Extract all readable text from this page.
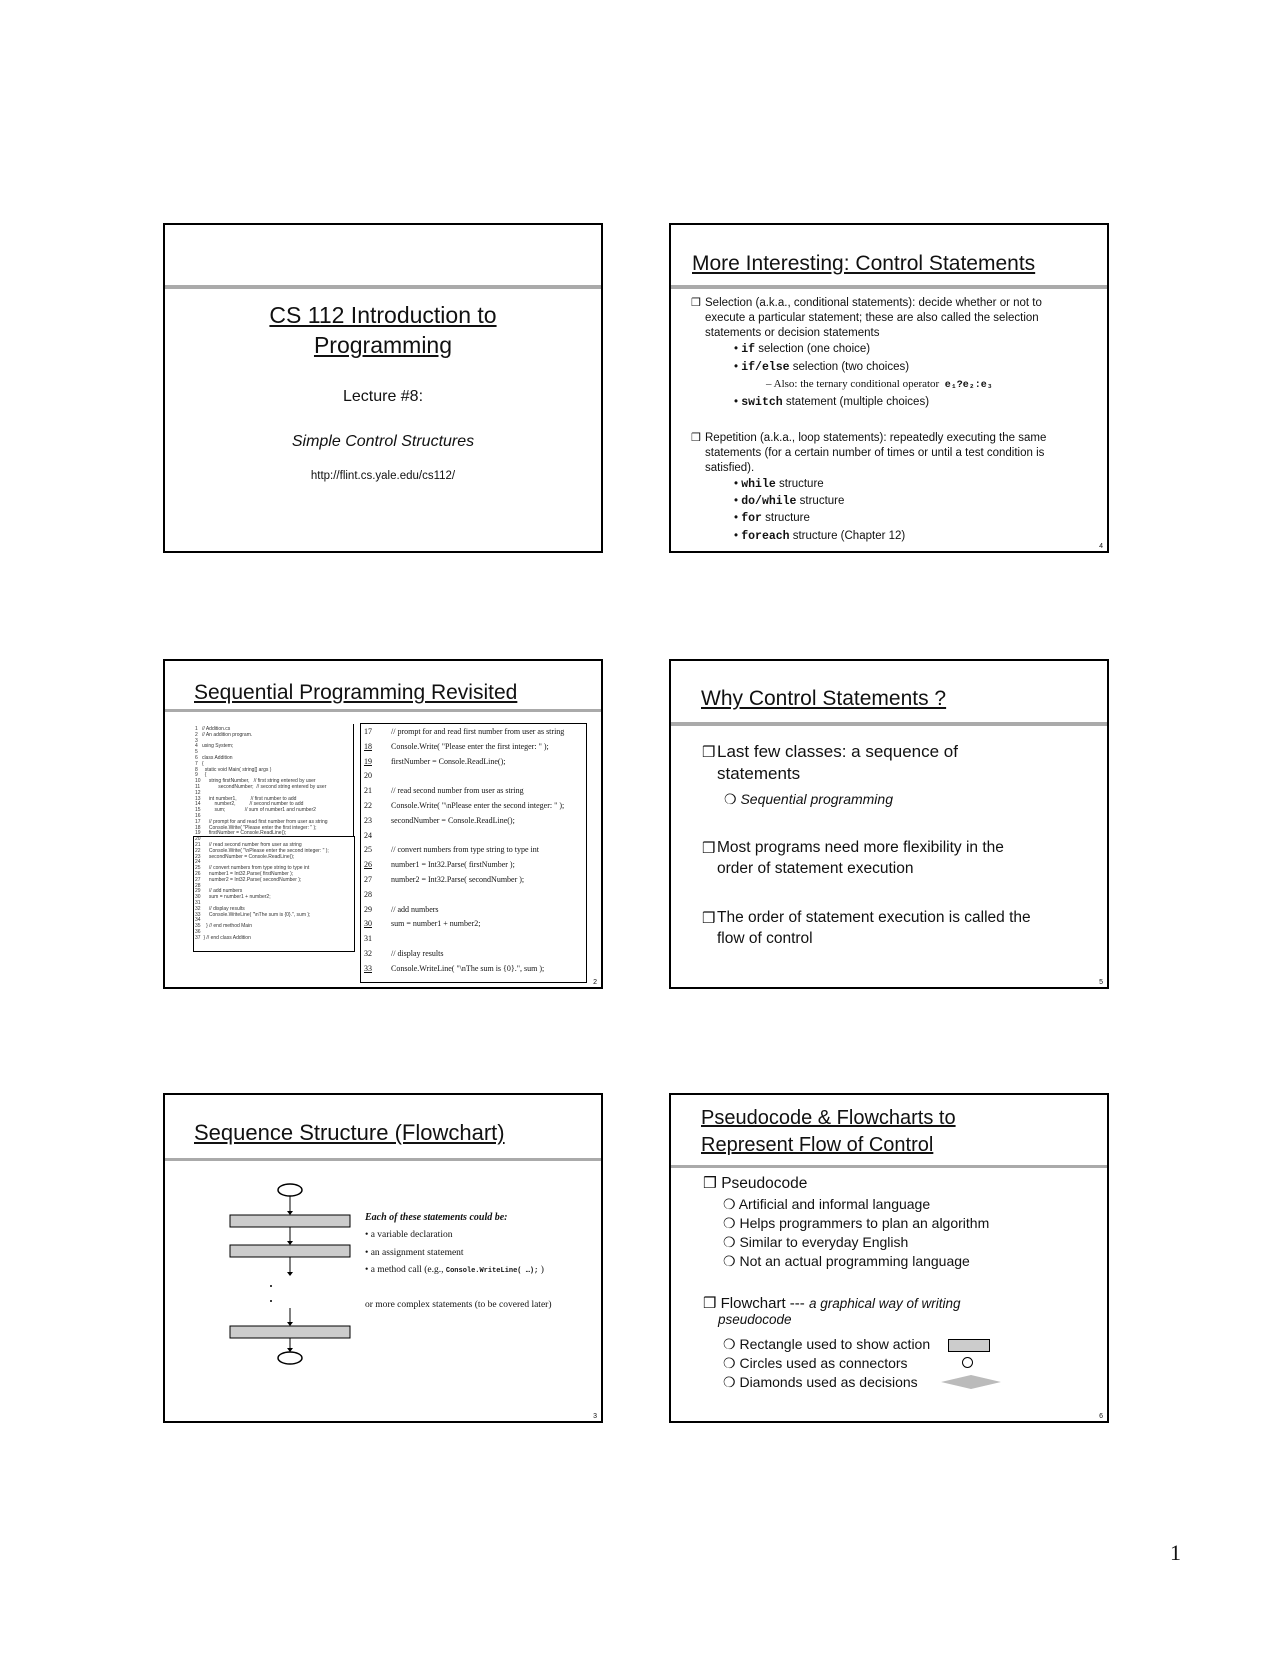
CS 112 Introduction to
Programming
Lecture #8:
Simple Control Structures
http://flint.cs.yale.edu/cs112/
More Interesting: Control Statements
❒ Selection (a.k.a., conditional statements): decide whether or not to execute a particular statement; these are also called the selection statements or decision statements
• if selection (one choice)
• if/else selection (two choices)
– Also: the ternary conditional operator e₁?e₂:e₃
• switch statement (multiple choices)
❒ Repetition (a.k.a., loop statements): repeatedly executing the same statements (for a certain number of times or until a test condition is satisfied).
• while structure
• do/while structure
• for structure
• foreach structure (Chapter 12)
4
Sequential Programming Revisited
1   // Addition.cs
2   // An addition program.
3
4   using System;
5
6   class Addition
7   {
8     static void Main( string[] args )
9     {
10      string firstNumber,   // first string entered by user
11             secondNumber;  // second string entered by user
12
13      int number1,          // first number to add
14          number2,          // second number to add
15          sum;              // sum of number1 and number2
16
17      // prompt for and read first number from user as string
18      Console.Write( "Please enter the first integer: " );
19      firstNumber = Console.ReadLine();
20
21      // read second number from user as string
22      Console.Write( "\nPlease enter the second integer: " );
23      secondNumber = Console.ReadLine();
24
25      // convert numbers from type string to type int
26      number1 = Int32.Parse( firstNumber );
27      number2 = Int32.Parse( secondNumber );
28
29      // add numbers
30      sum = number1 + number2;
31
32      // display results
33      Console.WriteLine( "\nThe sum is {0}.", sum );
34
35    } // end method Main
36
37  } // end class Addition
17	// prompt for and read first number from user as string
18	Console.Write( "Please enter the first integer: " );
19	firstNumber = Console.ReadLine();
20
21	// read second number from user as string
22	Console.Write( "\nPlease enter the second integer: " );
23	secondNumber = Console.ReadLine();
24
25	// convert numbers from type string to type int
26	number1 = Int32.Parse( firstNumber );
27	number2 = Int32.Parse( secondNumber );
28
29	// add numbers
30	sum = number1 + number2;
31
32	// display results
33	Console.WriteLine( "\nThe sum is {0}.", sum );
2
Why Control Statements ?
❒ Last few classes: a sequence of
statements
❍ Sequential programming
❒ Most programs need more flexibility in the
order of statement execution
❒ The order of statement execution is called the
flow of control
5
Sequence Structure (Flowchart)
Each of these statements could be:
• a variable declaration
• an assignment statement
• a method call (e.g., Console.WriteLine( …); )
or more complex statements (to be covered later)
3
Pseudocode & Flowcharts to
Represent Flow of Control
❒ Pseudocode
❍ Artificial and informal language
❍ Helps programmers to plan an algorithm
❍ Similar to everyday English
❍ Not an actual programming language
❒ Flowchart --- a graphical way of writing
pseudocode
❍ Rectangle used to show action
❍ Circles used as connectors
❍ Diamonds used as decisions
6
1
